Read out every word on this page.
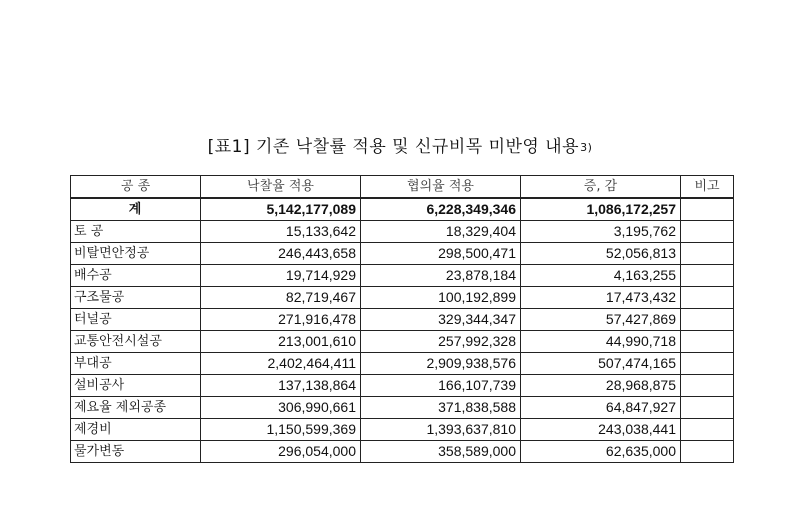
[표1] 기존 낙찰률 적용 및 신규비목 미반영 내용$^{3)}$
공 종	낙찰율 적용	협의율 적용	증, 감	비고
계	5,142,177,089	6,228,349,346	1,086,172,257	
토 공	15,133,642	18,329,404	3,195,762	
비탈면안정공	246,443,658	298,500,471	52,056,813	
배수공	19,714,929	23,878,184	4,163,255	
구조물공	82,719,467	100,192,899	17,473,432	
터널공	271,916,478	329,344,347	57,427,869	
교통안전시설공	213,001,610	257,992,328	44,990,718	
부대공	2,402,464,411	2,909,938,576	507,474,165	
설비공사	137,138,864	166,107,739	28,968,875	
제요율 제외공종	306,990,661	371,838,588	64,847,927	
제경비	1,150,599,369	1,393,637,810	243,038,441	
물가변동	296,054,000	358,589,000	62,635,000	
